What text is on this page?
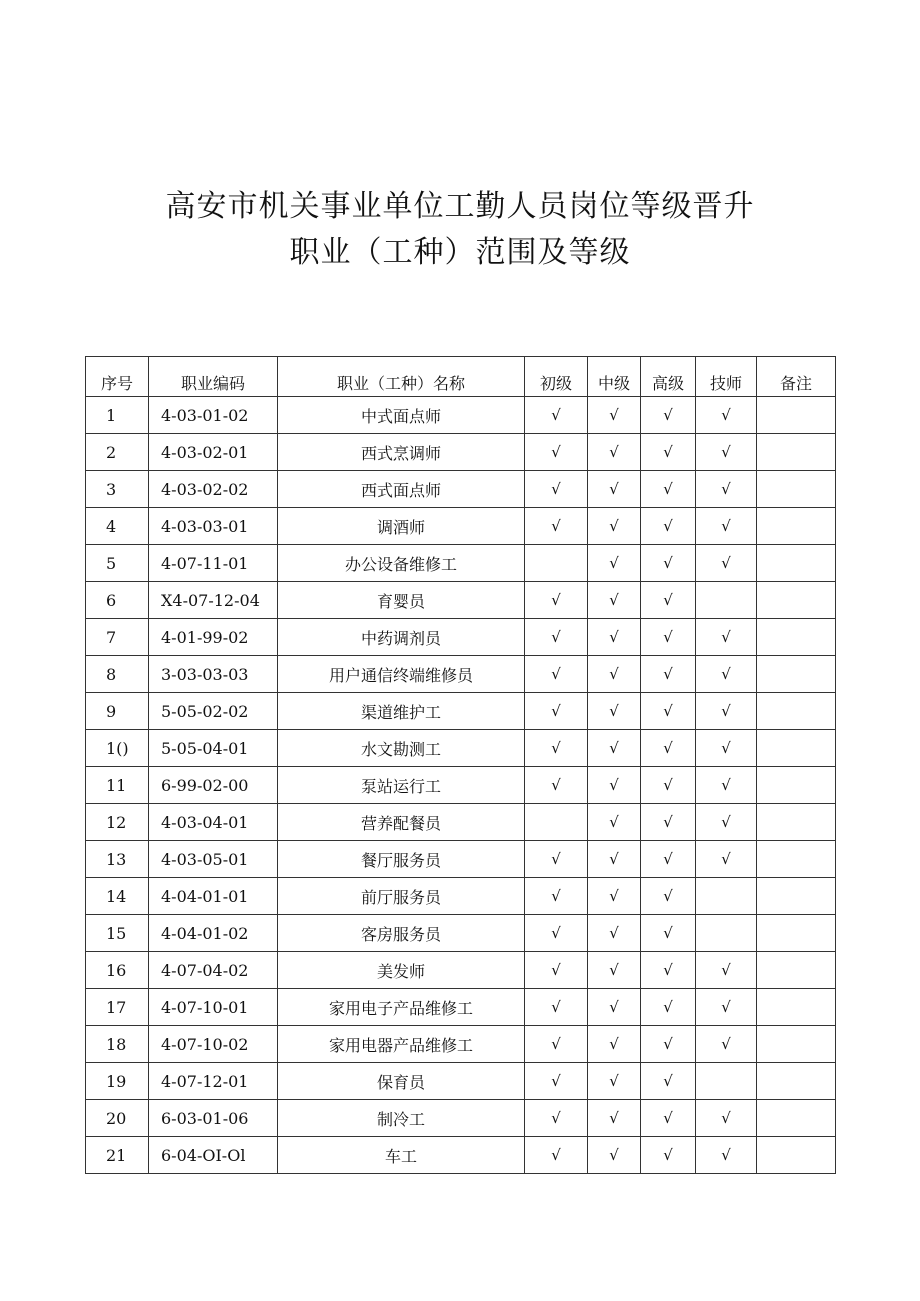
高安市机关事业单位工勤人员岗位等级晋升
职业（工种）范围及等级
序号	职业编码	职业（工种）名称	初级	中级	高级	技师	备注
1	4-03-01-02	中式面点师	√	√	√	√	
2	4-03-02-01	西式烹调师	√	√	√	√	
3	4-03-02-02	西式面点师	√	√	√	√	
4	4-03-03-01	调酒师	√	√	√	√	
5	4-07-11-01	办公设备维修工		√	√	√	
6	X4-07-12-04	育婴员	√	√	√		
7	4-01-99-02	中药调剂员	√	√	√	√	
8	3-03-03-03	用户通信终端维修员	√	√	√	√	
9	5-05-02-02	渠道维护工	√	√	√	√	
1()	5-05-04-01	水文勘测工	√	√	√	√	
11	6-99-02-00	泵站运行工	√	√	√	√	
12	4-03-04-01	营养配餐员		√	√	√	
13	4-03-05-01	餐厅服务员	√	√	√	√	
14	4-04-01-01	前厅服务员	√	√	√		
15	4-04-01-02	客房服务员	√	√	√		
16	4-07-04-02	美发师	√	√	√	√	
17	4-07-10-01	家用电子产品维修工	√	√	√	√	
18	4-07-10-02	家用电器产品维修工	√	√	√	√	
19	4-07-12-01	保育员	√	√	√		
20	6-03-01-06	制冷工	√	√	√	√	
21	6-04-OI-Ol	车工	√	√	√	√	
